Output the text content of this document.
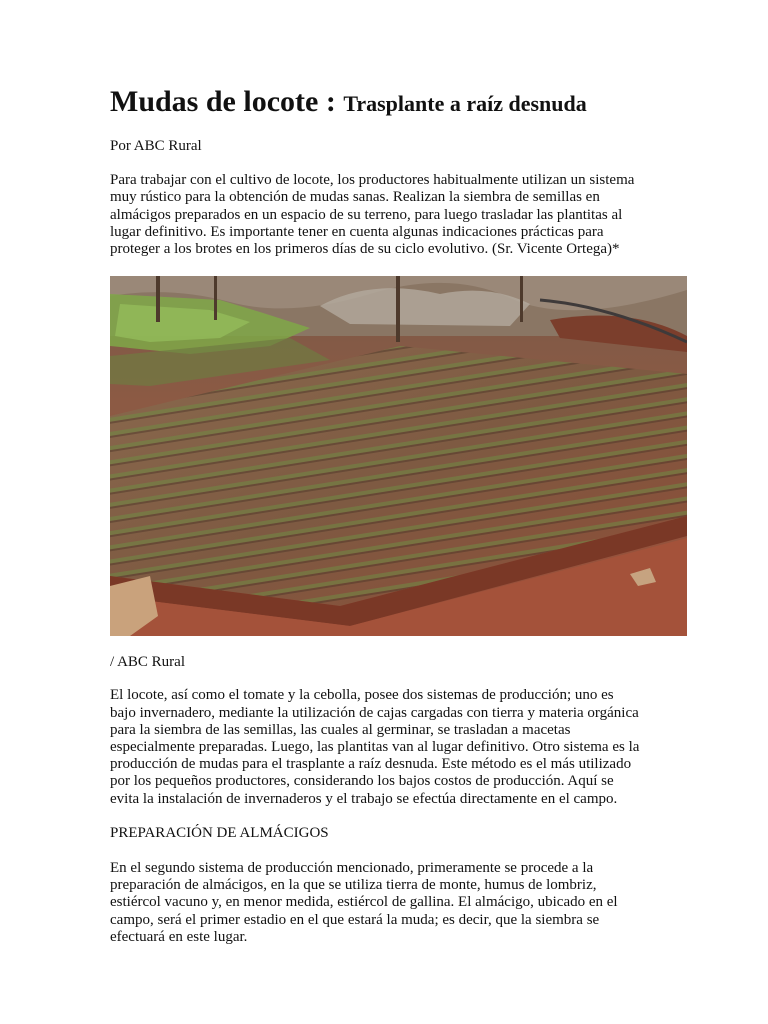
Mudas de locote : Trasplante a raíz desnuda

Por ABC Rural

Para trabajar con el cultivo de locote, los productores habitualmente utilizan un sistema
muy rústico para la obtención de mudas sanas. Realizan la siembra de semillas en
almácigos preparados en un espacio de su terreno, para luego trasladar las plantitas al
lugar definitivo. Es importante tener en cuenta algunas indicaciones prácticas para
proteger a los brotes en los primeros días de su ciclo evolutivo. (Sr. Vicente Ortega)*

/ ABC Rural

El locote, así como el tomate y la cebolla, posee dos sistemas de producción; uno es
bajo invernadero, mediante la utilización de cajas cargadas con tierra y materia orgánica
para la siembra de las semillas, las cuales al germinar, se trasladan a macetas
especialmente preparadas. Luego, las plantitas van al lugar definitivo. Otro sistema es la
producción de mudas para el trasplante a raíz desnuda. Este método es el más utilizado
por los pequeños productores, considerando los bajos costos de producción. Aquí se
evita la instalación de invernaderos y el trabajo se efectúa directamente en el campo.

PREPARACIÓN DE ALMÁCIGOS

En el segundo sistema de producción mencionado, primeramente se procede a la
preparación de almácigos, en la que se utiliza tierra de monte, humus de lombriz,
estiércol vacuno y, en menor medida, estiércol de gallina. El almácigo, ubicado en el
campo, será el primer estadio en el que estará la muda; es decir, que la siembra se
efectuará en este lugar.
